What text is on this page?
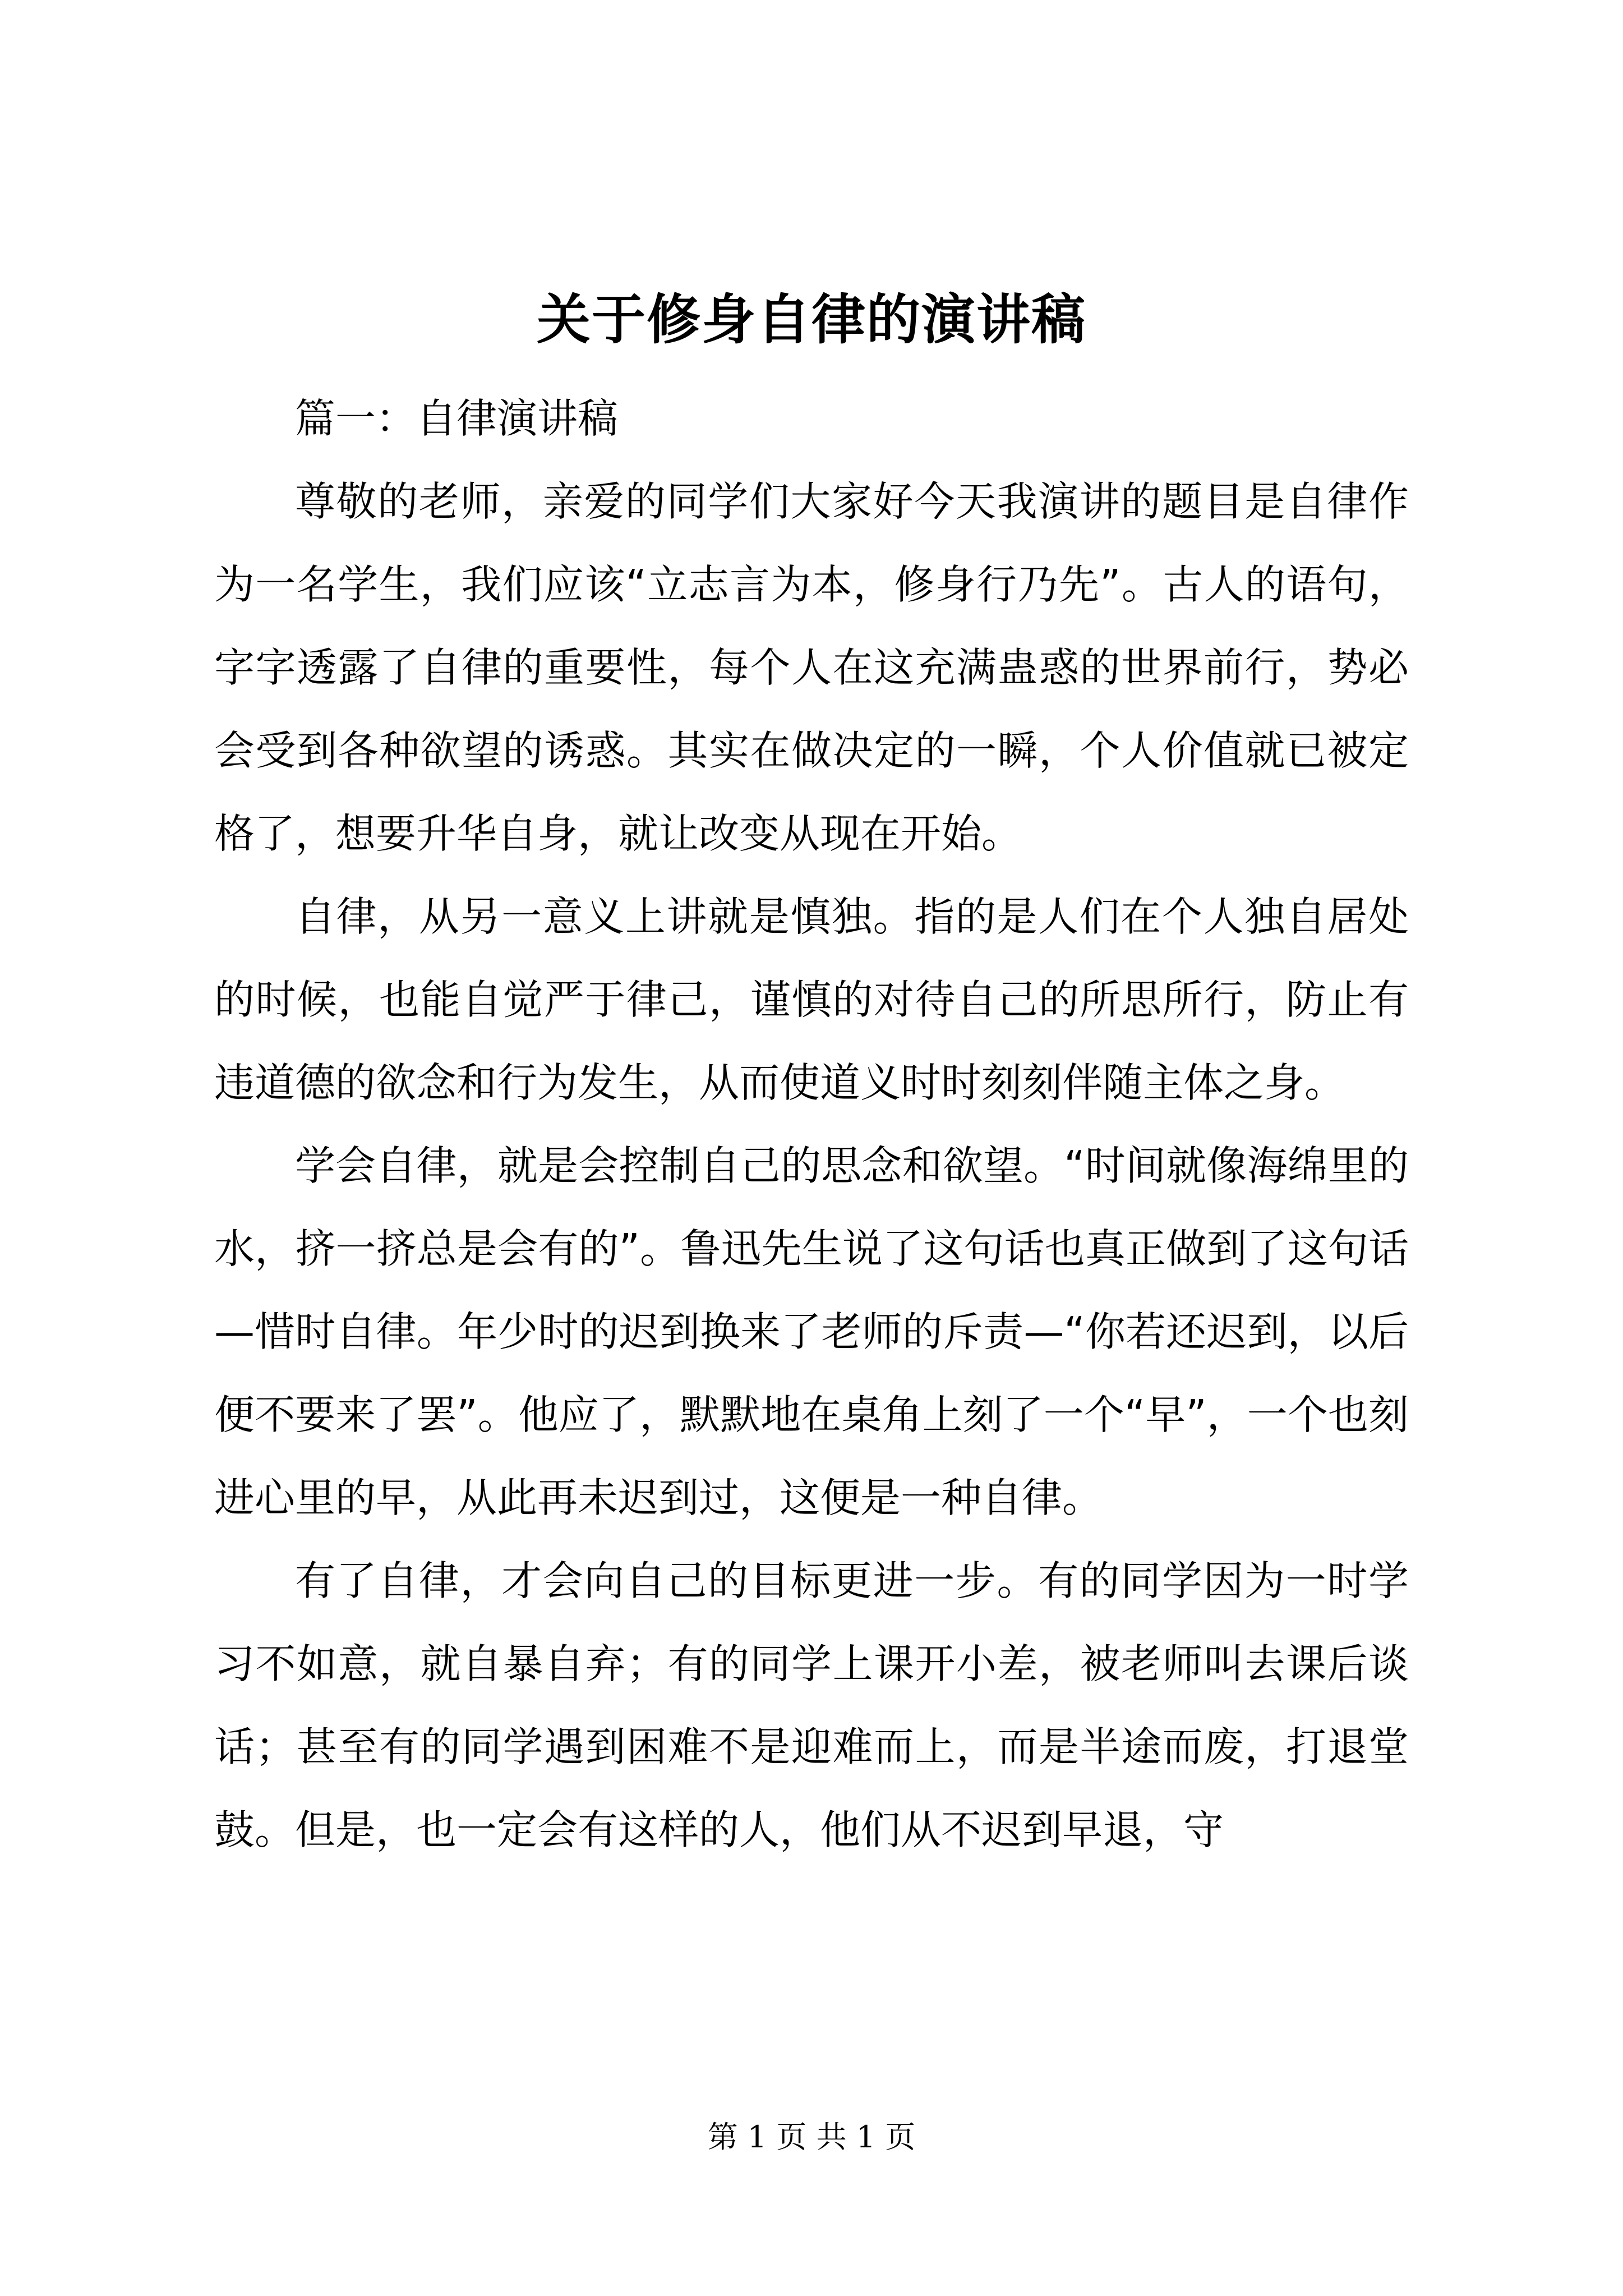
关于修身自律的演讲稿

篇一：自律演讲稿

尊敬的老师，亲爱的同学们大家好今天我演讲的题目是自律作为一名学生，我们应该“立志言为本，修身行乃先”。古人的语句，字字透露了自律的重要性，每个人在这充满蛊惑的世界前行，势必会受到各种欲望的诱惑。其实在做决定的一瞬，个人价值就已被定格了，想要升华自身，就让改变从现在开始。

自律，从另一意义上讲就是慎独。指的是人们在个人独自居处的时候，也能自觉严于律己，谨慎的对待自己的所思所行，防止有违道德的欲念和行为发生，从而使道义时时刻刻伴随主体之身。

学会自律，就是会控制自己的思念和欲望。“时间就像海绵里的水，挤一挤总是会有的”。鲁迅先生说了这句话也真正做到了这句话—惜时自律。年少时的迟到换来了老师的斥责—“你若还迟到，以后便不要来了罢”。他应了，默默地在桌角上刻了一个“早”，一个也刻进心里的早，从此再未迟到过，这便是一种自律。

有了自律，才会向自己的目标更进一步。有的同学因为一时学习不如意，就自暴自弃；有的同学上课开小差，被老师叫去课后谈话；甚至有的同学遇到困难不是迎难而上，而是半途而废，打退堂鼓。但是，也一定会有这样的人，他们从不迟到早退，守

第 1 页 共 1 页
